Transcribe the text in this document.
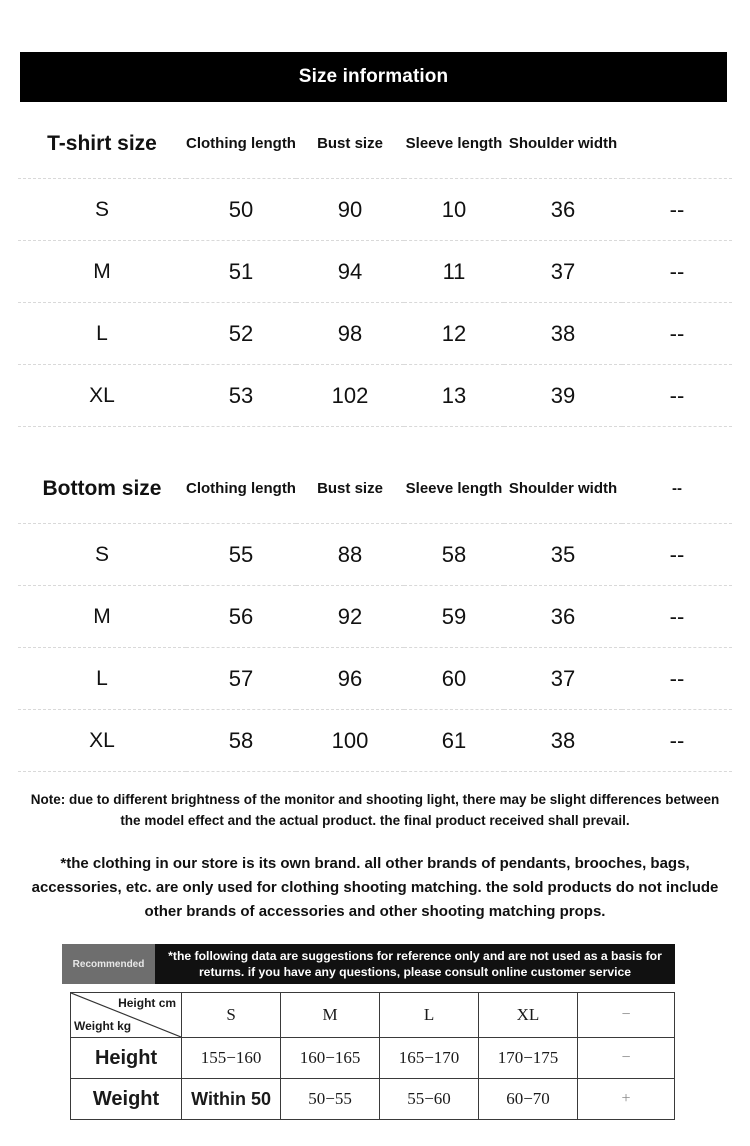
Size information
T-shirt size	Clothing length	Bust size	Sleeve length	Shoulder width	
S	50	90	10	36	--
M	51	94	11	37	--
L	52	98	12	38	--
XL	53	102	13	39	--
Bottom size	Clothing length	Bust size	Sleeve length	Shoulder width	--
S	55	88	58	35	--
M	56	92	59	36	--
L	57	96	60	37	--
XL	58	100	61	38	--
Note: due to different brightness of the monitor and shooting light, there may be slight differences between the model effect and the actual product. the final product received shall prevail.
*the clothing in our store is its own brand. all other brands of pendants, brooches, bags, accessories, etc. are only used for clothing shooting matching. the sold products do not include other brands of accessories and other shooting matching props.
Recommended
*the following data are suggestions for reference only and are not used as a basis for returns. if you have any questions, please consult online customer service
Height cm
Weight kg	S	M	L	XL	−
Height	155−160	160−165	165−170	170−175	−
Weight	Within 50	50−55	55−60	60−70	+
